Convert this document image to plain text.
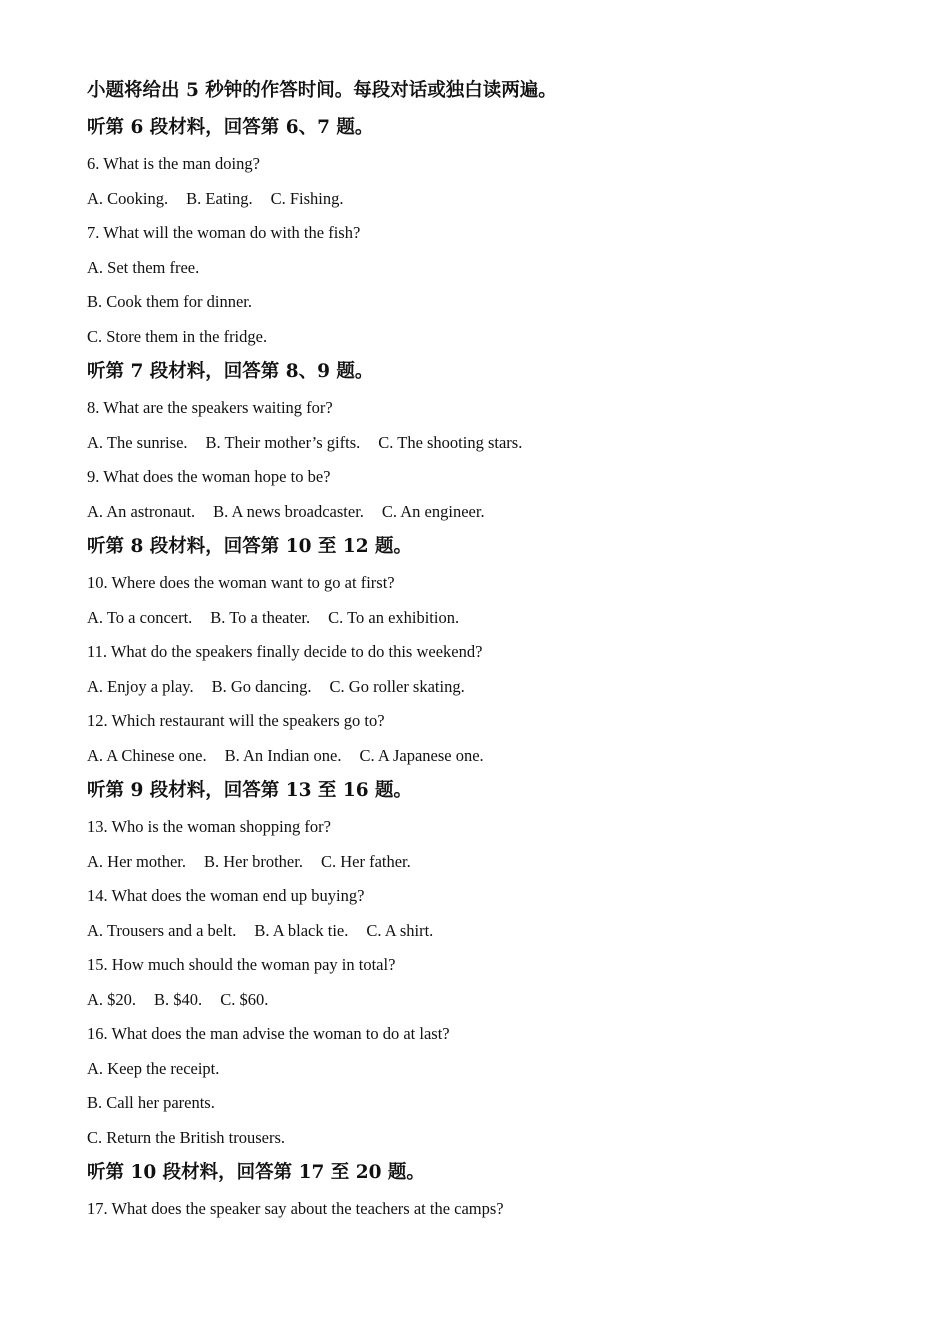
小题将给出 5 秒钟的作答时间。每段对话或独白读两遍。
听第 6 段材料，回答第 6、7 题。
6. What is the man doing?
A. Cooking. B. Eating. C. Fishing.
7. What will the woman do with the fish?
A. Set them free.
B. Cook them for dinner.
C. Store them in the fridge.
听第 7 段材料，回答第 8、9 题。
8. What are the speakers waiting for?
A. The sunrise. B. Their mother’s gifts. C. The shooting stars.
9. What does the woman hope to be?
A. An astronaut. B. A news broadcaster. C. An engineer.
听第 8 段材料，回答第 10 至 12 题。
10. Where does the woman want to go at first?
A. To a concert. B. To a theater. C. To an exhibition.
11. What do the speakers finally decide to do this weekend?
A. Enjoy a play. B. Go dancing. C. Go roller skating.
12. Which restaurant will the speakers go to?
A. A Chinese one. B. An Indian one. C. A Japanese one.
听第 9 段材料，回答第 13 至 16 题。
13. Who is the woman shopping for?
A. Her mother. B. Her brother. C. Her father.
14. What does the woman end up buying?
A. Trousers and a belt. B. A black tie. C. A shirt.
15. How much should the woman pay in total?
A. $20. B. $40. C. $60.
16. What does the man advise the woman to do at last?
A. Keep the receipt.
B. Call her parents.
C. Return the British trousers.
听第 10 段材料，回答第 17 至 20 题。
17. What does the speaker say about the teachers at the camps?
